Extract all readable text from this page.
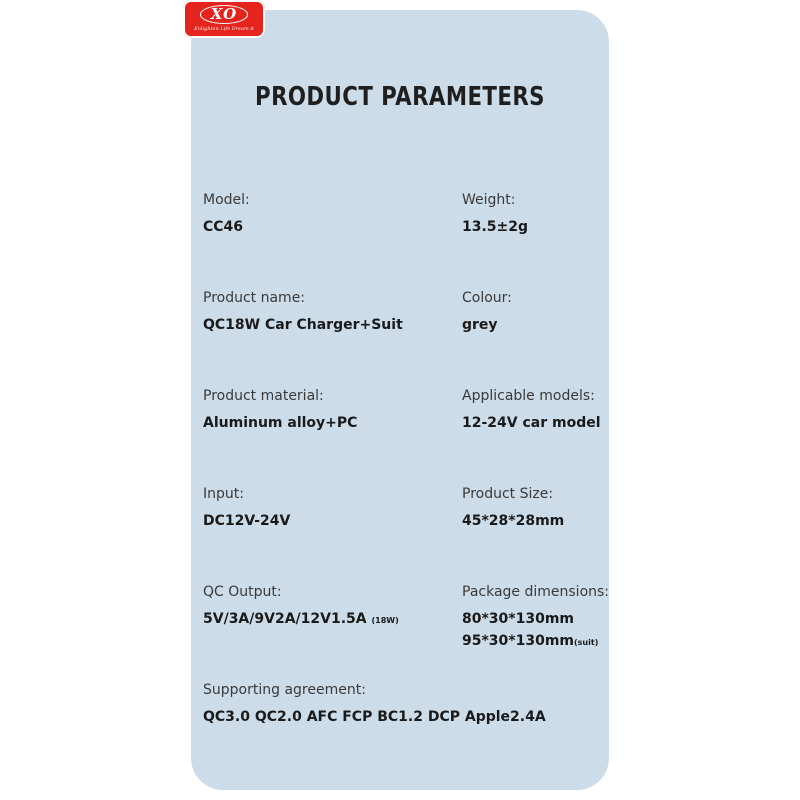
XO
Enlighten Life Dream it
PRODUCT PARAMETERS
Model:
CC46
Weight:
13.5±2g
Product name:
QC18W Car Charger+Suit
Colour:
grey
Product material:
Aluminum alloy+PC
Applicable models:
12-24V car model
Input:
DC12V-24V
Product Size:
45*28*28mm
QC Output:
5V/3A/9V2A/12V1.5A (18W)
Package dimensions:
80*30*130mm
95*30*130mm(suit)
Supporting agreement:
QC3.0 QC2.0 AFC FCP BC1.2 DCP Apple2.4A
